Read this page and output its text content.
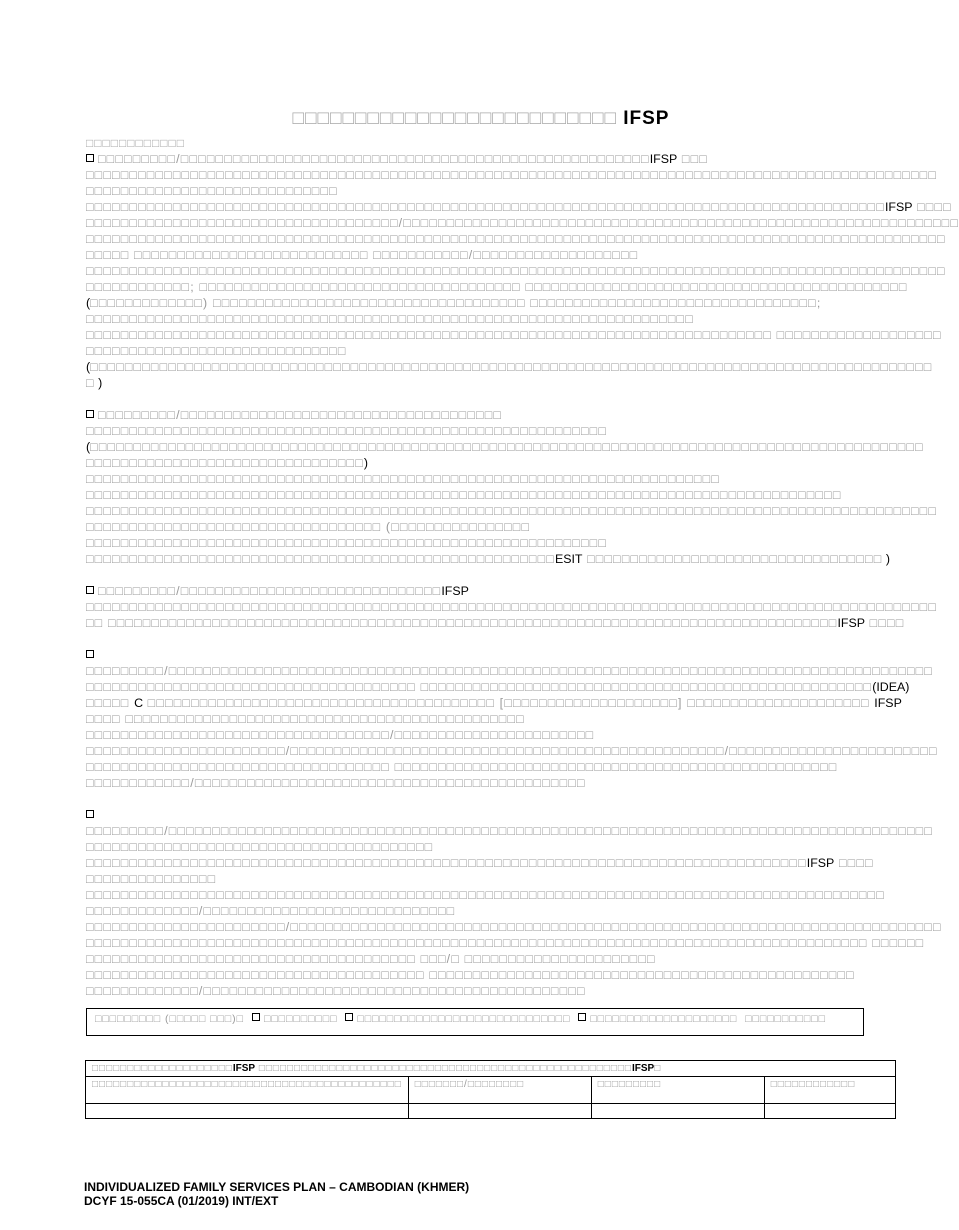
□□□□□□□□□□□□□□□□□□□□□□□□□□ IFSP
□□□□□□□□□□□□
□□□□□□□□□/□□□□□□□□□□□□□□□□□□□□□□□□□□□□□□□□□□□□□□□□□□□□□□□□□□□□□□IFSP □□□
□□□□□□□□□□□□□□□□□□□□□□□□□□□□□□□□□□□□□□□□□□□□□□□□□□□□□□□□□□□□□□□□□□□□□□□□□□□□□□□□□□□□□□□□□□□□□□□□□□
□□□□□□□□□□□□□□□□□□□□□□□□□□□□□
□□□□□□□□□□□□□□□□□□□□□□□□□□□□□□□□□□□□□□□□□□□□□□□□□□□□□□□□□□□□□□□□□□□□□□□□□□□□□□□□□□□□□□□□□□□□IFSP □□□□
□□□□□□□□□□□□□□□□□□□□□□□□□□□□□□□□□□□□/□□□□□□□□□□□□□□□□□□□□□□□□□□□□□□□□□□□□□□□□□□□□□□□□□□□□□□□□□□□□□□□□
□□□□□□□□□□□□□□□□□□□□□□□□□□□□□□□□□□□□□□□□□□□□□□□□□□□□□□□□□□□□□□□□□□□□□□□□□□□□□□□□□□□□□□□□□□□□□□□□□□□
□□□□□ □□□□□□□□□□□□□□□□□□□□□□□□□□□ □□□□□□□□□□□/□□□□□□□□□□□□□□□□□□□
□□□□□□□□□□□□□□□□□□□□□□□□□□□□□□□□□□□□□□□□□□□□□□□□□□□□□□□□□□□□□□□□□□□□□□□□□□□□□□□□□□□□□□□□□□□□□□□□□□□
□□□□□□□□□□□□; □□□□□□□□□□□□□□□□□□□□□□□□□□□□□□□□□□□□□ □□□□□□□□□□□□□□□□□□□□□□□□□□□□□□□□□□□□□□□□□□□□
(□□□□□□□□□□□□□) □□□□□□□□□□□□□□□□□□□□□□□□□□□□□□□□□□□□ □□□□□□□□□□□□□□□□□□□□□□□□□□□□□□□□□;
□□□□□□□□□□□□□□□□□□□□□□□□□□□□□□□□□□□□□□□□□□□□□□□□□□□□□□□□□□□□□□□□□□□□□□
□□□□□□□□□□□□□□□□□□□□□□□□□□□□□□□□□□□□□□□□□□□□□□□□□□□□□□□□□□□□□□□□□□□□□□□□□□□□□□□ □□□□□□□□□□□□□□□□□□□
□□□□□□□□□□□□□□□□□□□□□□□□□□□□□□
(□□□□□□□□□□□□□□□□□□□□□□□□□□□□□□□□□□□□□□□□□□□□□□□□□□□□□□□□□□□□□□□□□□□□□□□□□□□□□□□□□□□□□□□□□□□□□□□□□
□ )
□□□□□□□□□/□□□□□□□□□□□□□□□□□□□□□□□□□□□□□□□□□□□□□
□□□□□□□□□□□□□□□□□□□□□□□□□□□□□□□□□□□□□□□□□□□□□□□□□□□□□□□□□□□□
(□□□□□□□□□□□□□□□□□□□□□□□□□□□□□□□□□□□□□□□□□□□□□□□□□□□□□□□□□□□□□□□□□□□□□□□□□□□□□□□□□□□□□□□□□□□□□□□□
□□□□□□□□□□□□□□□□□□□□□□□□□□□□□□□□)
□□□□□□□□□□□□□□□□□□□□□□□□□□□□□□□□□□□□□□□□□□□□□□□□□□□□□□□□□□□□□□□□□□□□□□□□□
□□□□□□□□□□□□□□□□□□□□□□□□□□□□□□□□□□□□□□□□□□□□□□□□□□□□□□□□□□□□□□□□□□□□□□□□□□□□□□□□□□□□□□□
□□□□□□□□□□□□□□□□□□□□□□□□□□□□□□□□□□□□□□□□□□□□□□□□□□□□□□□□□□□□□□□□□□□□□□□□□□□□□□□□□□□□□□□□□□□□□□□□□□
□□□□□□□□□□□□□□□□□□□□□□□□□□□□□□□□□□ (□□□□□□□□□□□□□□□□
□□□□□□□□□□□□□□□□□□□□□□□□□□□□□□□□□□□□□□□□□□□□□□□□□□□□□□□□□□□□
□□□□□□□□□□□□□□□□□□□□□□□□□□□□□□□□□□□□□□□□□□□□□□□□□□□□□□ESIT □□□□□□□□□□□□□□□□□□□□□□□□□□□□□□□□□□ )
□□□□□□□□□/□□□□□□□□□□□□□□□□□□□□□□□□□□□□□□IFSP
□□□□□□□□□□□□□□□□□□□□□□□□□□□□□□□□□□□□□□□□□□□□□□□□□□□□□□□□□□□□□□□□□□□□□□□□□□□□□□□□□□□□□□□□□□□□□□□□□□
□□ □□□□□□□□□□□□□□□□□□□□□□□□□□□□□□□□□□□□□□□□□□□□□□□□□□□□□□□□□□□□□□□□□□□□□□□□□□□□□□□□□□□□IFSP □□□□
□□□□□□□□□/□□□□□□□□□□□□□□□□□□□□□□□□□□□□□□□□□□□□□□□□□□□□□□□□□□□□□□□□□□□□□□□□□□□□□□□□□□□□□□□□□□□□□□□□
□□□□□□□□□□□□□□□□□□□□□□□□□□□□□□□□□□□□□□ □□□□□□□□□□□□□□□□□□□□□□□□□□□□□□□□□□□□□□□□□□□□□□□□□□□□(IDEA)
□□□□□ C □□□□□□□□□□□□□□□□□□□□□□□□□□□□□□□□□□□□□□□□ [□□□□□□□□□□□□□□□□□□□□] □□□□□□□□□□□□□□□□□□□□□ IFSP
□□□□ □□□□□□□□□□□□□□□□□□□□□□□□□□□□□□□□□□□□□□□□□□□□□□
□□□□□□□□□□□□□□□□□□□□□□□□□□□□□□□□□□□/□□□□□□□□□□□□□□□□□□□□□□□
□□□□□□□□□□□□□□□□□□□□□□□/□□□□□□□□□□□□□□□□□□□□□□□□□□□□□□□□□□□□□□□□□□□□□□□□□□/□□□□□□□□□□□□□□□□□□□□□□□□
□□□□□□□□□□□□□□□□□□□□□□□□□□□□□□□□□□□ □□□□□□□□□□□□□□□□□□□□□□□□□□□□□□□□□□□□□□□□□□□□□□□□□□□
□□□□□□□□□□□□/□□□□□□□□□□□□□□□□□□□□□□□□□□□□□□□□□□□□□□□□□□□□□
□□□□□□□□□/□□□□□□□□□□□□□□□□□□□□□□□□□□□□□□□□□□□□□□□□□□□□□□□□□□□□□□□□□□□□□□□□□□□□□□□□□□□□□□□□□□□□□□□□
□□□□□□□□□□□□□□□□□□□□□□□□□□□□□□□□□□□□□□□□
□□□□□□□□□□□□□□□□□□□□□□□□□□□□□□□□□□□□□□□□□□□□□□□□□□□□□□□□□□□□□□□□□□□□□□□□□□□□□□□□□□□IFSP □□□□
□□□□□□□□□□□□□□□
□□□□□□□□□□□□□□□□□□□□□□□□□□□□□□□□□□□□□□□□□□□□□□□□□□□□□□□□□□□□□□□□□□□□□□□□□□□□□□□□□□□□□□□□□□□□
□□□□□□□□□□□□□/□□□□□□□□□□□□□□□□□□□□□□□□□□□□□
□□□□□□□□□□□□□□□□□□□□□□□/□□□□□□□□□□□□□□□□□□□□□□□□□□□□□□□□□□□□□□□□□□□□□□□□□□□□□□□□□□□□□□□□□□□□□□□□□□□
□□□□□□□□□□□□□□□□□□□□□□□□□□□□□□□□□□□□□□□□□□□□□□□□□□□□□□□□□□□□□□□□□□□□□□□□□□□□□□□□□□□□□□□□□□ □□□□□□
□□□□□□□□□□□□□□□□□□□□□□□□□□□□□□□□□□□□□□ □□□/□ □□□□□□□□□□□□□□□□□□□□□□
□□□□□□□□□□□□□□□□□□□□□□□□□□□□□□□□□□□□□□□ □□□□□□□□□□□□□□□□□□□□□□□□□□□□□□□□□□□□□□□□□□□□□□□□□
□□□□□□□□□□□□□/□□□□□□□□□□□□□□□□□□□□□□□□□□□□□□□□□□□□□□□□□□□□
□□□□□□□□□ (□□□□□ □□□)□	□□□□□□□□□□	□□□□□□□□□□□□□□□□□□□□□□□□□□□□□	□□□□□□□□□□□□□□□□□□□□ □□□□□□□□□□□
□□□□□□□□□□□□□□□□□□□□IFSP □□□□□□□□□□□□□□□□□□□□□□□□□□□□□□□□□□□□□□□□□□□□□□□□□□□□□IFSP□			
□□□□□□□□□□□□□□□□□□□□□□□□□□□□□□□□□□□□□□□□□□□□	□□□□□□□/□□□□□□□□	□□□□□□□□□	□□□□□□□□□□□□

INDIVIDUALIZED FAMILY SERVICES PLAN – CAMBODIAN (KHMER)
DCYF 15-055CA (01/2019) INT/EXT
